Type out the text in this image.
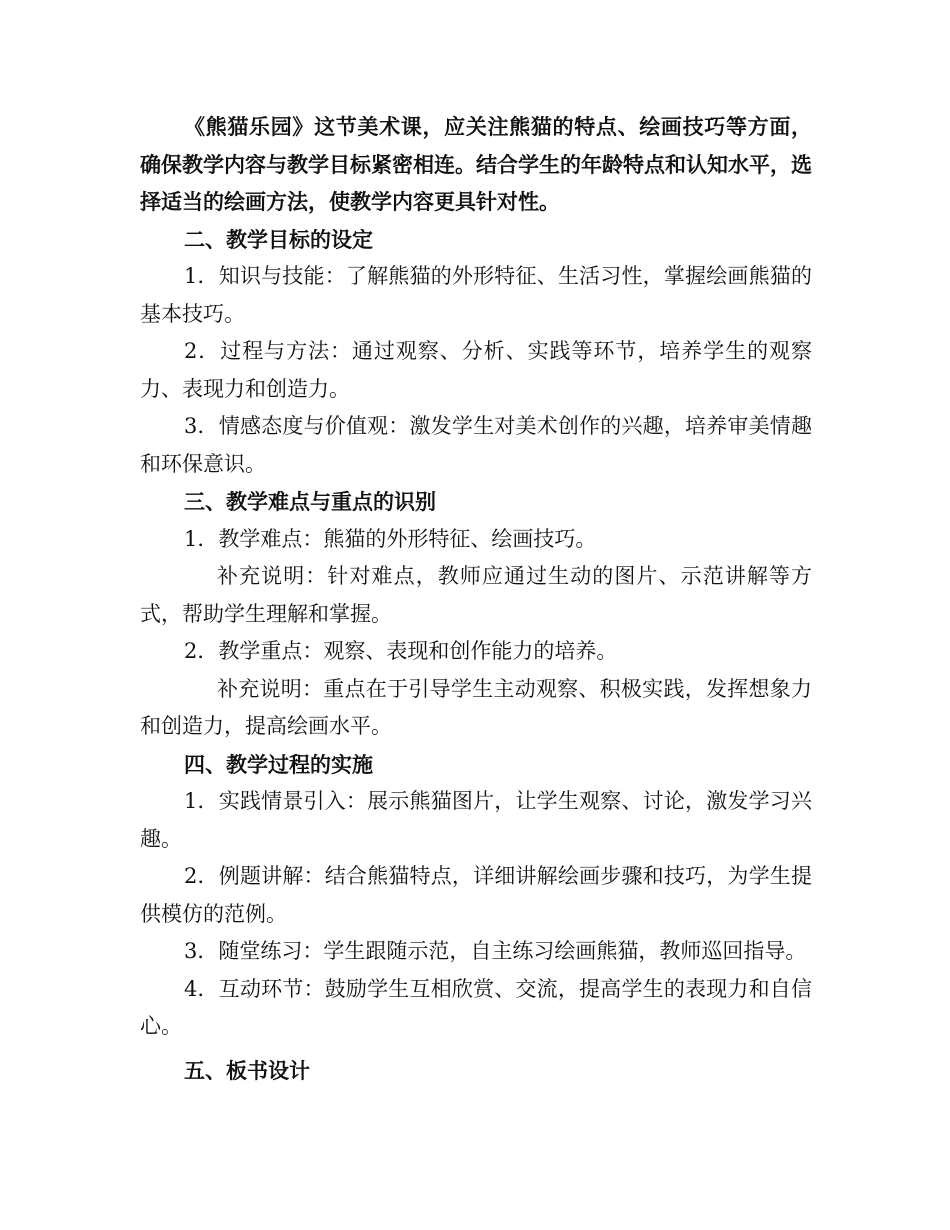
《熊猫乐园》这节美术课，应关注熊猫的特点、绘画技巧等方面，确保教学内容与教学目标紧密相连。结合学生的年龄特点和认知水平，选择适当的绘画方法，使教学内容更具针对性。

二、教学目标的设定

1．知识与技能：了解熊猫的外形特征、生活习性，掌握绘画熊猫的基本技巧。

2．过程与方法：通过观察、分析、实践等环节，培养学生的观察力、表现力和创造力。

3．情感态度与价值观：激发学生对美术创作的兴趣，培养审美情趣和环保意识。

三、教学难点与重点的识别

1．教学难点：熊猫的外形特征、绘画技巧。

补充说明：针对难点，教师应通过生动的图片、示范讲解等方式，帮助学生理解和掌握。

2．教学重点：观察、表现和创作能力的培养。

补充说明：重点在于引导学生主动观察、积极实践，发挥想象力和创造力，提高绘画水平。

四、教学过程的实施

1．实践情景引入：展示熊猫图片，让学生观察、讨论，激发学习兴趣。

2．例题讲解：结合熊猫特点，详细讲解绘画步骤和技巧，为学生提供模仿的范例。

3．随堂练习：学生跟随示范，自主练习绘画熊猫，教师巡回指导。

4．互动环节：鼓励学生互相欣赏、交流，提高学生的表现力和自信心。

五、板书设计
